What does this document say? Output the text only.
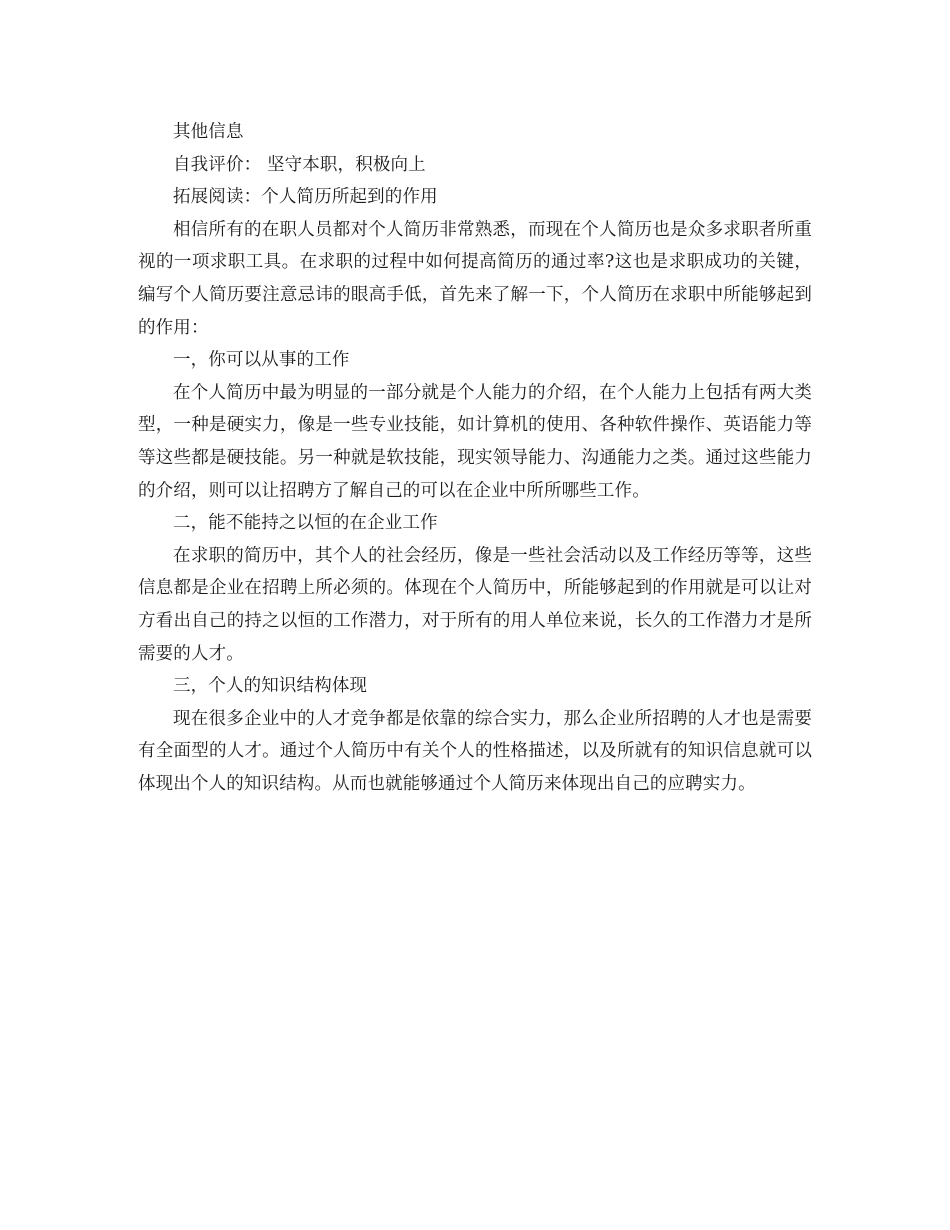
其他信息

自我评价： 坚守本职，积极向上

拓展阅读：个人简历所起到的作用

相信所有的在职人员都对个人简历非常熟悉，而现在个人简历也是众多求职者所重视的一项求职工具。在求职的过程中如何提高简历的通过率?这也是求职成功的关键，编写个人简历要注意忌讳的眼高手低，首先来了解一下，个人简历在求职中所能够起到的作用：

一，你可以从事的工作

在个人简历中最为明显的一部分就是个人能力的介绍，在个人能力上包括有两大类型，一种是硬实力，像是一些专业技能，如计算机的使用、各种软件操作、英语能力等等这些都是硬技能。另一种就是软技能，现实领导能力、沟通能力之类。通过这些能力的介绍，则可以让招聘方了解自己的可以在企业中所所哪些工作。

二，能不能持之以恒的在企业工作

在求职的简历中，其个人的社会经历，像是一些社会活动以及工作经历等等，这些信息都是企业在招聘上所必须的。体现在个人简历中，所能够起到的作用就是可以让对方看出自己的持之以恒的工作潜力，对于所有的用人单位来说，长久的工作潜力才是所需要的人才。

三，个人的知识结构体现

现在很多企业中的人才竞争都是依靠的综合实力，那么企业所招聘的人才也是需要有全面型的人才。通过个人简历中有关个人的性格描述，以及所就有的知识信息就可以体现出个人的知识结构。从而也就能够通过个人简历来体现出自己的应聘实力。
